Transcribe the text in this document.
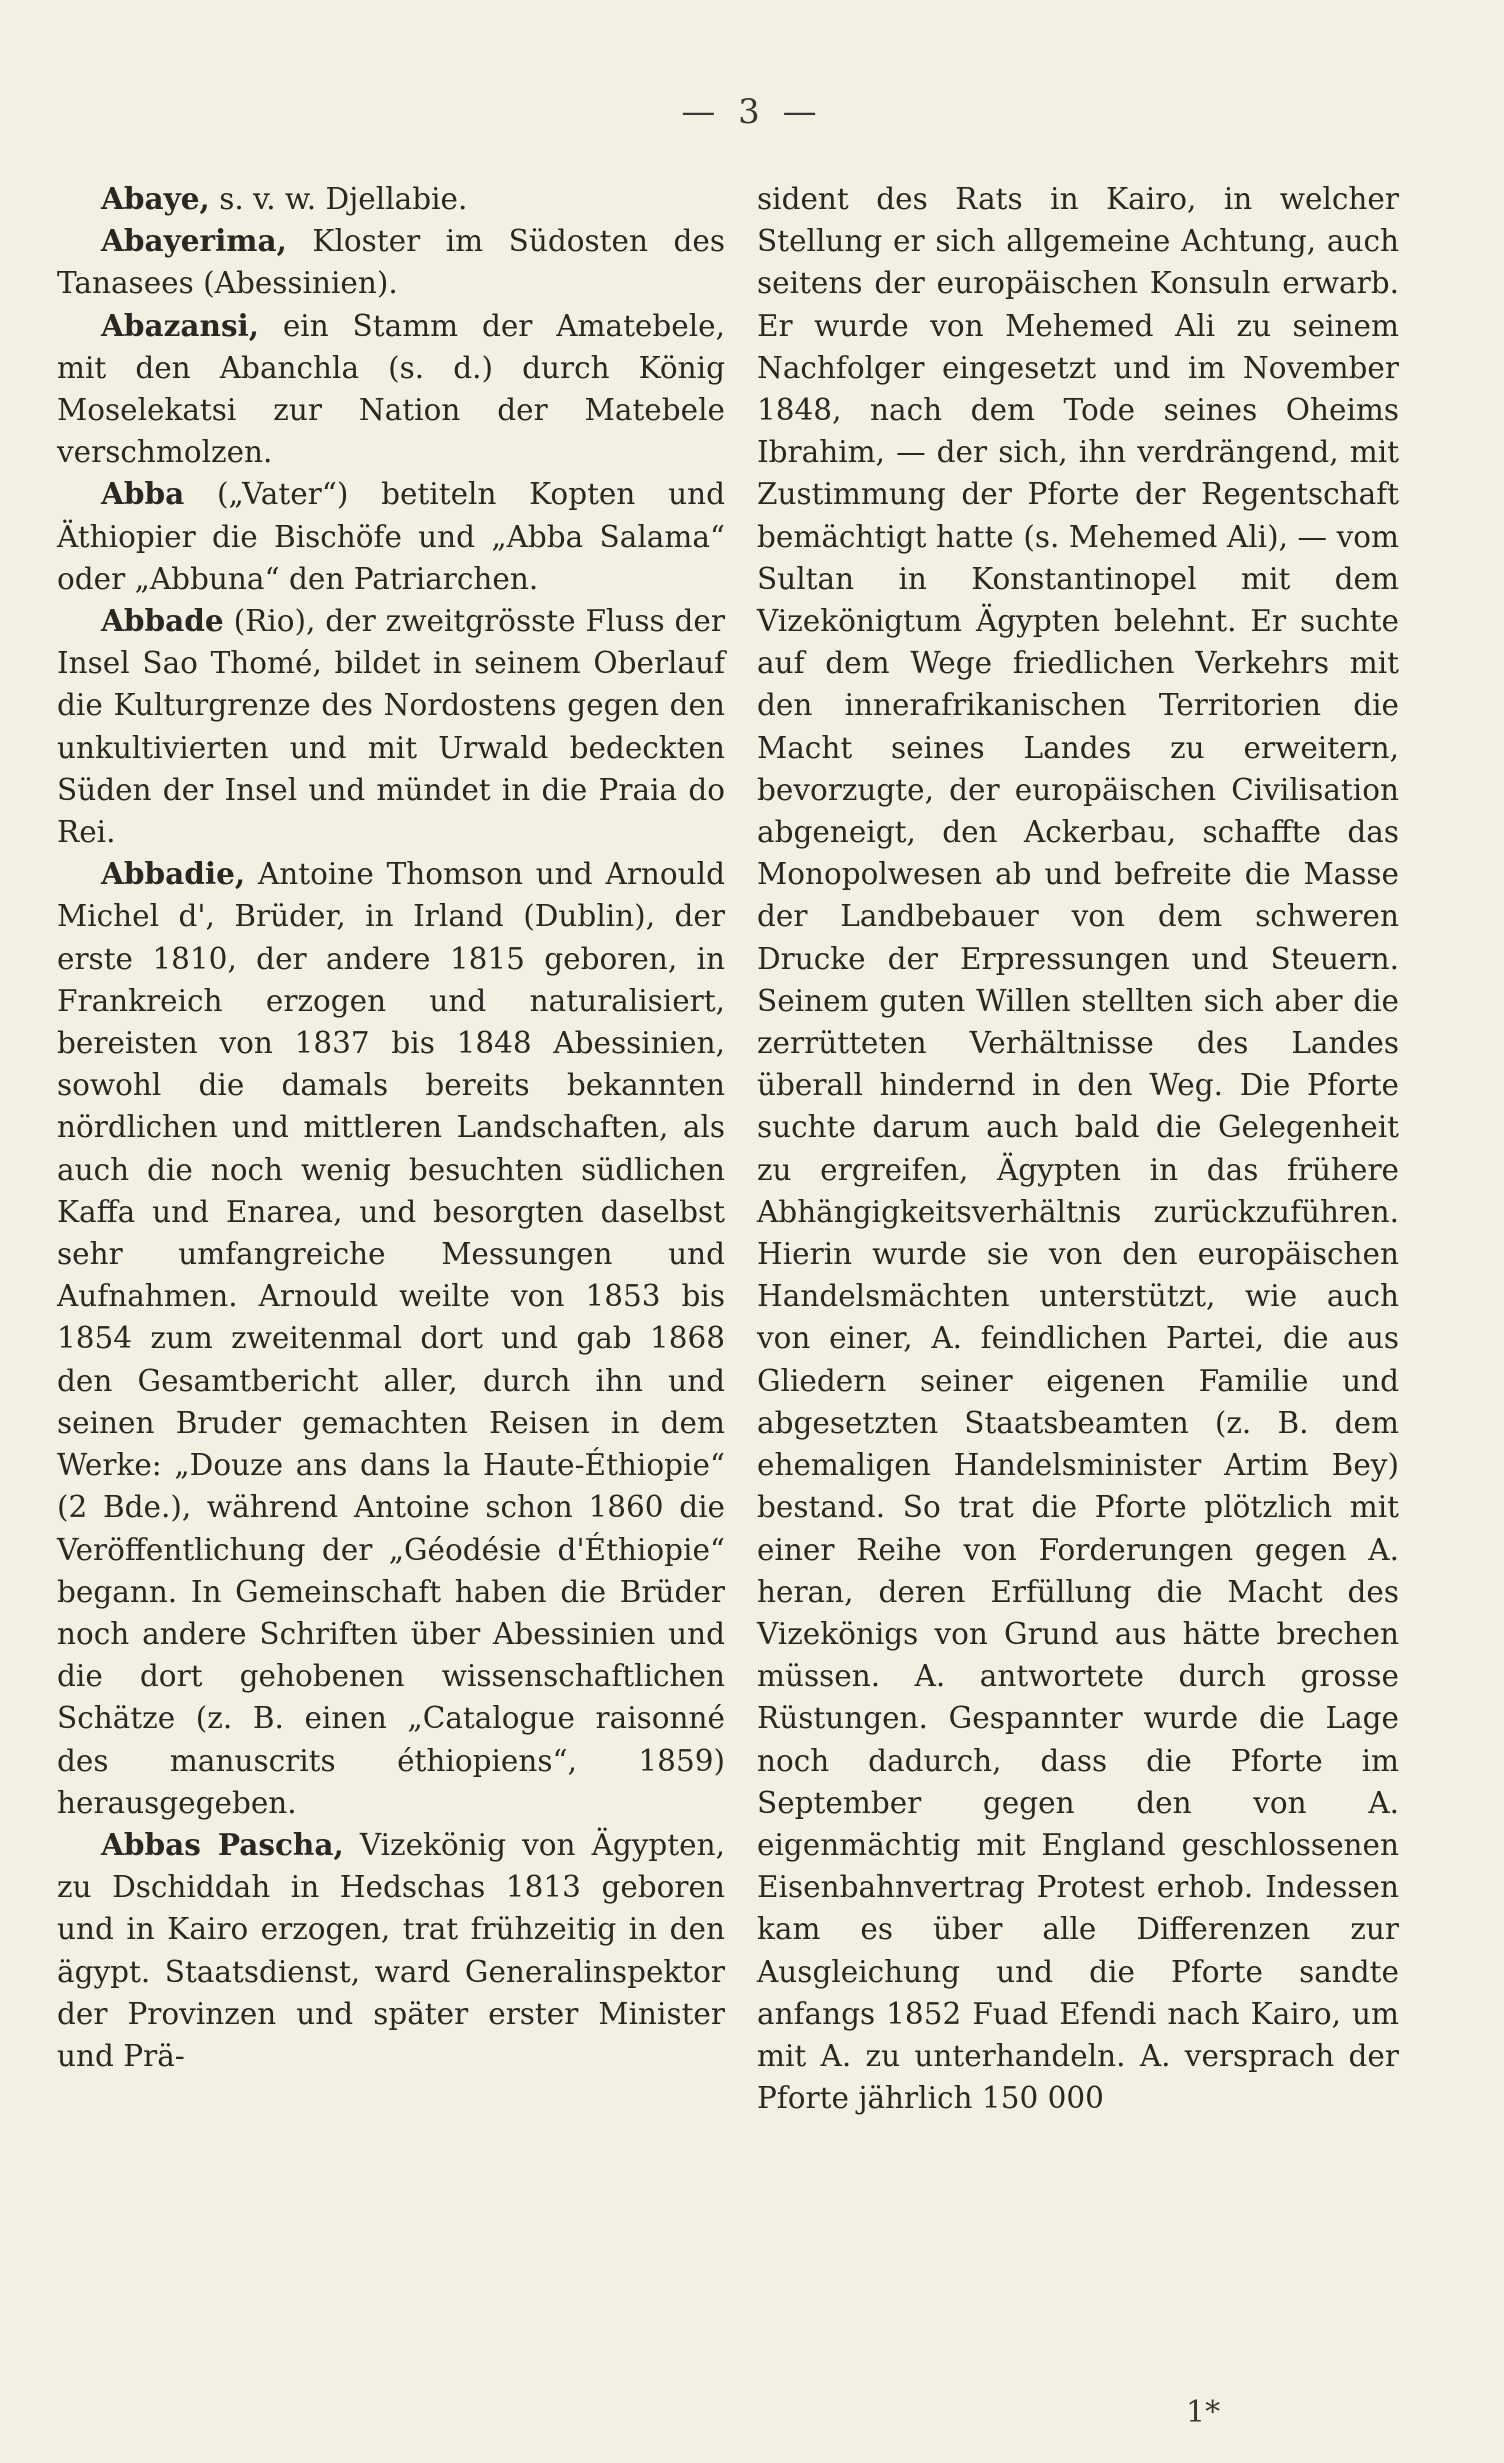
— 3 —

Abaye, s. v. w. Djellabie.

Abayerima, Kloster im Südosten des Tanasees (Abessinien).

Abazansi, ein Stamm der Amatebele, mit den Abanchla (s. d.) durch König Moselekatsi zur Nation der Matebele verschmolzen.

Abba („Vater“) betiteln Kopten und Äthiopier die Bischöfe und „Abba Salama“ oder „Abbuna“ den Patriarchen.

Abbade (Rio), der zweitgrösste Fluss der Insel Sao Thomé, bildet in seinem Oberlauf die Kulturgrenze des Nordostens gegen den unkultivierten und mit Urwald bedeckten Süden der Insel und mündet in die Praia do Rei.

Abbadie, Antoine Thomson und Arnould Michel d', Brüder, in Irland (Dublin), der erste 1810, der andere 1815 geboren, in Frankreich erzogen und naturalisiert, bereisten von 1837 bis 1848 Abessinien, sowohl die damals bereits bekannten nördlichen und mittleren Landschaften, als auch die noch wenig besuchten südlichen Kaffa und Enarea, und besorgten daselbst sehr umfangreiche Messungen und Aufnahmen. Arnould weilte von 1853 bis 1854 zum zweitenmal dort und gab 1868 den Gesamtbericht aller, durch ihn und seinen Bruder gemachten Reisen in dem Werke: „Douze ans dans la Haute-Éthiopie“ (2 Bde.), während Antoine schon 1860 die Veröffentlichung der „Géodésie d'Éthiopie“ begann. In Gemeinschaft haben die Brüder noch andere Schriften über Abessinien und die dort gehobenen wissenschaftlichen Schätze (z. B. einen „Catalogue raisonné des manuscrits éthiopiens“, 1859) herausgegeben.

Abbas Pascha, Vizekönig von Ägypten, zu Dschiddah in Hedschas 1813 geboren und in Kairo erzogen, trat frühzeitig in den ägypt. Staatsdienst, ward Generalinspektor der Provinzen und später erster Minister und Prä-

sident des Rats in Kairo, in welcher Stellung er sich allgemeine Achtung, auch seitens der europäischen Konsuln erwarb. Er wurde von Mehemed Ali zu seinem Nachfolger eingesetzt und im November 1848, nach dem Tode seines Oheims Ibrahim, — der sich, ihn verdrängend, mit Zustimmung der Pforte der Regentschaft bemächtigt hatte (s. Mehemed Ali), — vom Sultan in Konstantinopel mit dem Vizekönigtum Ägypten belehnt. Er suchte auf dem Wege friedlichen Verkehrs mit den innerafrikanischen Territorien die Macht seines Landes zu erweitern, bevorzugte, der europäischen Civilisation abgeneigt, den Ackerbau, schaffte das Monopolwesen ab und befreite die Masse der Landbebauer von dem schweren Drucke der Erpressungen und Steuern. Seinem guten Willen stellten sich aber die zerrütteten Verhältnisse des Landes überall hindernd in den Weg. Die Pforte suchte darum auch bald die Gelegenheit zu ergreifen, Ägypten in das frühere Abhängigkeitsverhältnis zurückzuführen. Hierin wurde sie von den europäischen Handelsmächten unterstützt, wie auch von einer, A. feindlichen Partei, die aus Gliedern seiner eigenen Familie und abgesetzten Staatsbeamten (z. B. dem ehemaligen Handelsminister Artim Bey) bestand. So trat die Pforte plötzlich mit einer Reihe von Forderungen gegen A. heran, deren Erfüllung die Macht des Vizekönigs von Grund aus hätte brechen müssen. A. antwortete durch grosse Rüstungen. Gespannter wurde die Lage noch dadurch, dass die Pforte im September gegen den von A. eigenmächtig mit England geschlossenen Eisenbahnvertrag Protest erhob. Indessen kam es über alle Differenzen zur Ausgleichung und die Pforte sandte anfangs 1852 Fuad Efendi nach Kairo, um mit A. zu unterhandeln. A. versprach der Pforte jährlich 150 000

1*
